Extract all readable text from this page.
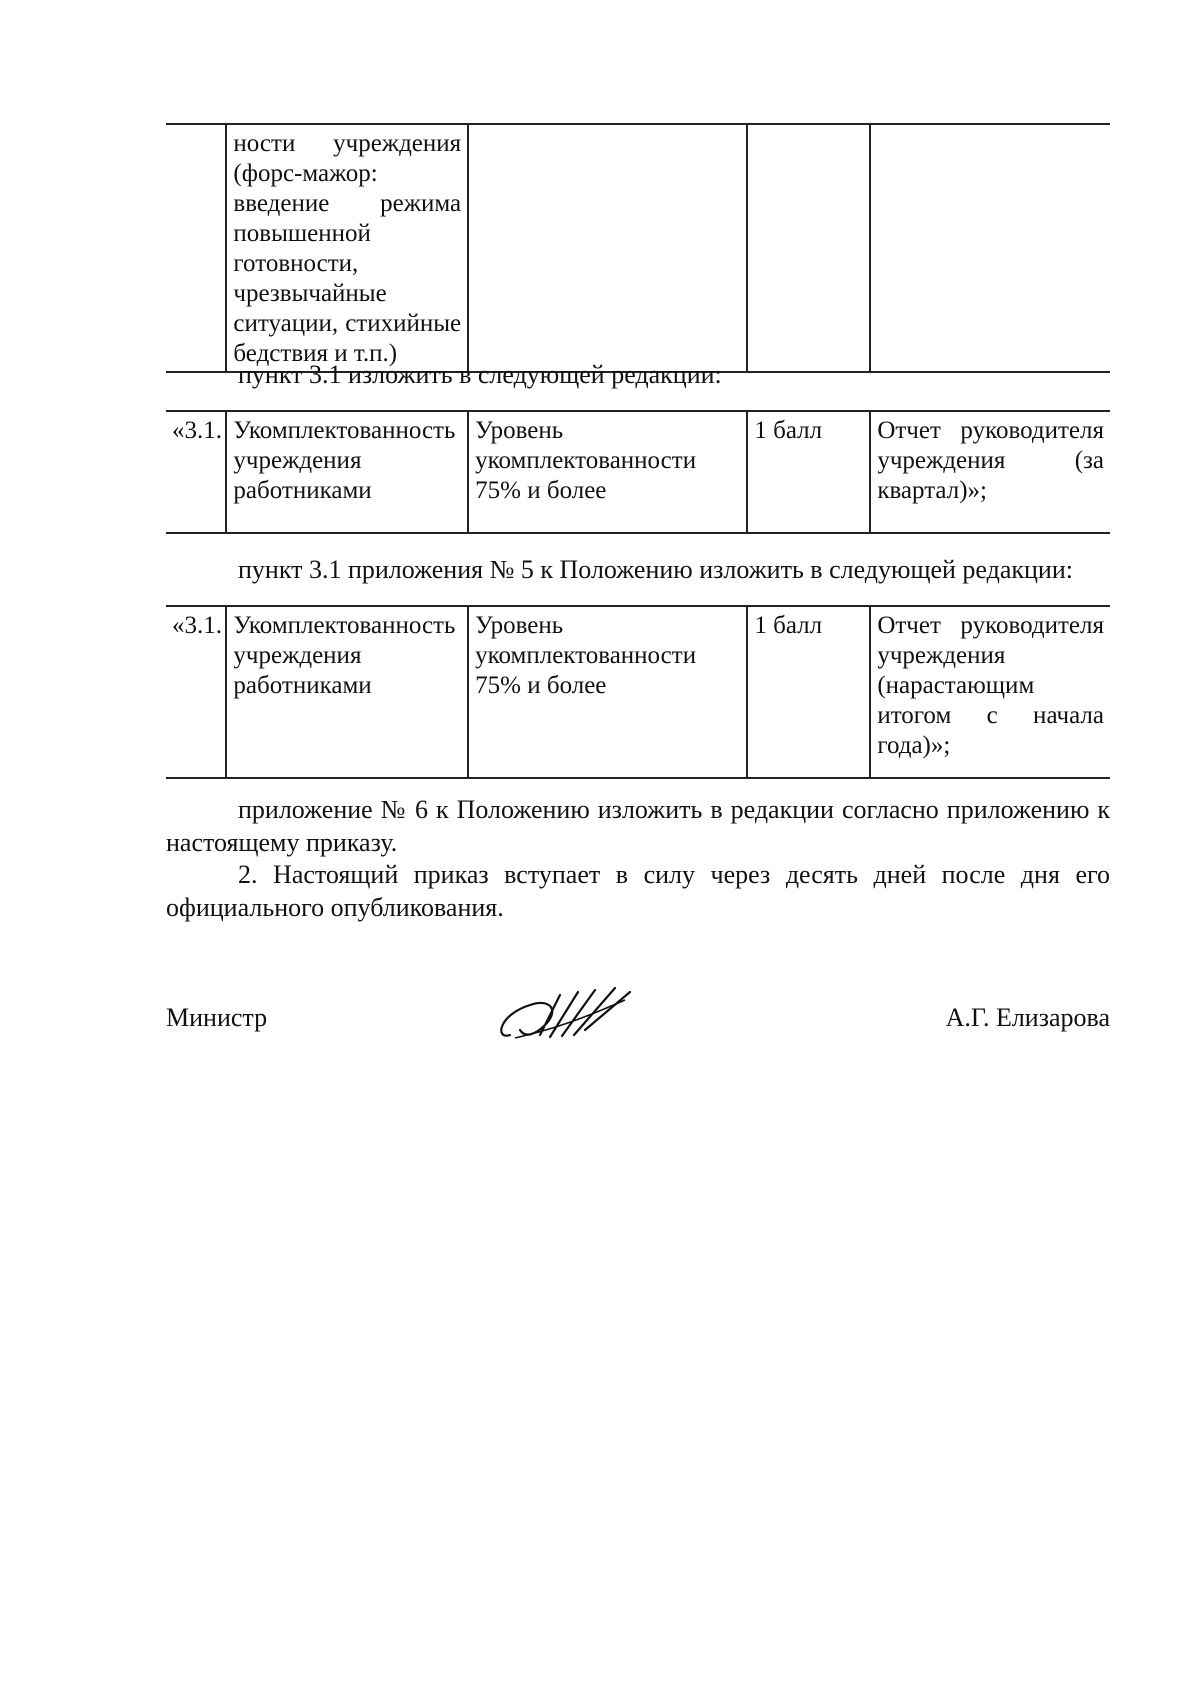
	ности учреждения (форс-мажор: введение режима повышенной готовности, чрезвычайные ситуации, стихийные бедствия и т.п.)			
пункт 3.1 изложить в следующей редакции:
«3.1.	Укомплектованность учреждения работниками	Уровень укомплектованности 75% и более	1 балл	Отчет руководителя учреждения (за квартал)»;
пункт 3.1 приложения № 5 к Положению изложить в следующей редакции:
«3.1.	Укомплектованность учреждения работниками	Уровень укомплектованности 75% и более	1 балл	Отчет руководителя учреждения (нарастающим итогом с начала года)»;
приложение № 6 к Положению изложить в редакции согласно приложению к настоящему приказу.
2. Настоящий приказ вступает в силу через десять дней после дня его официального опубликования.
Министр	А.Г. Елизарова
